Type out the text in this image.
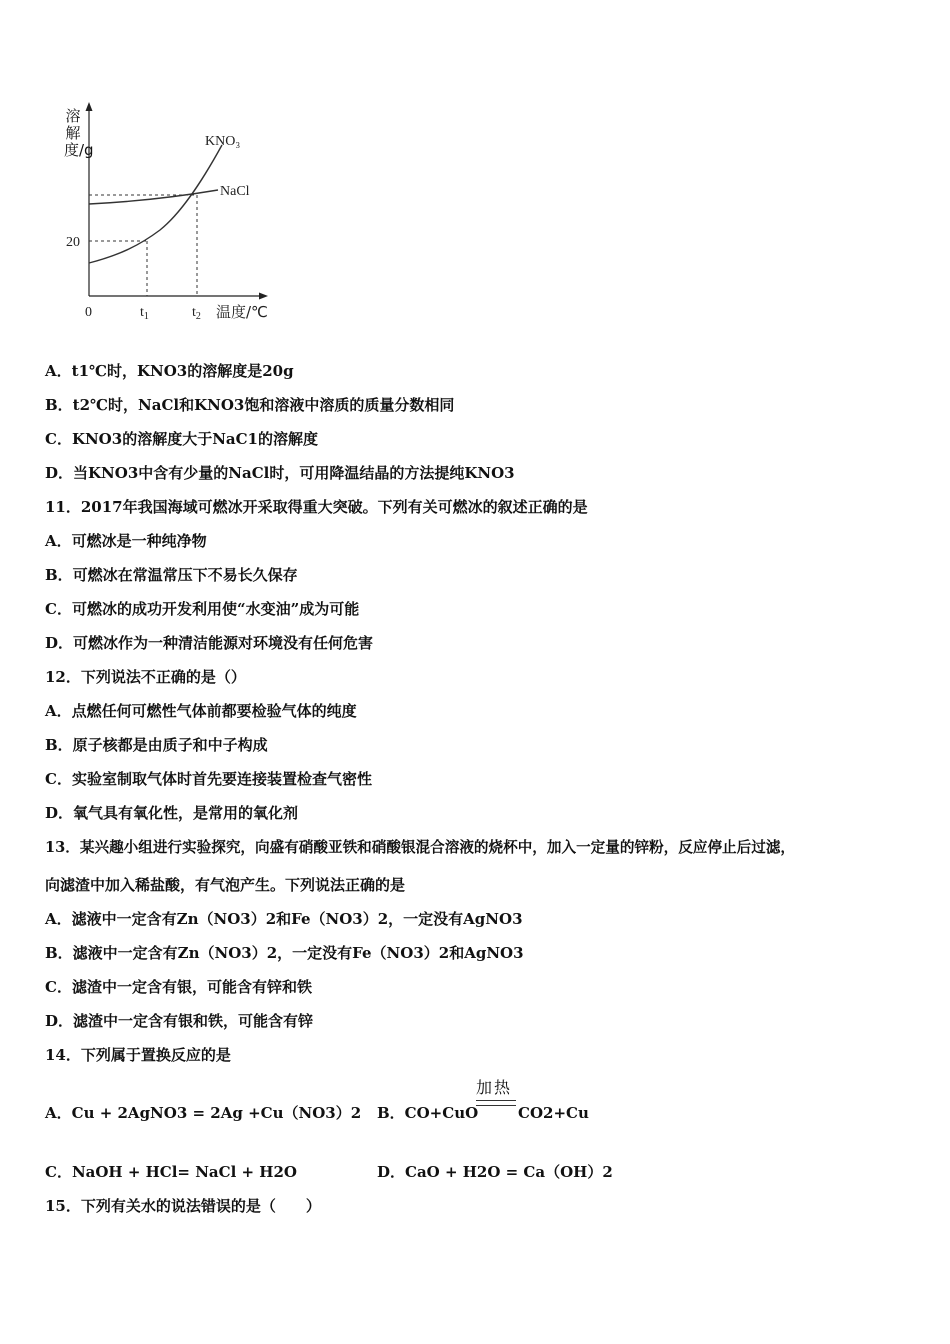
溶解度/g	KNO₃
NaCl
20
0	$t_1$	$t_2$ 温度/℃
A．t1℃时，KNO3的溶解度是20g
B．t2℃时，NaCl和KNO3饱和溶液中溶质的质量分数相同
C．KNO3的溶解度大于NaC1的溶解度
D．当KNO3中含有少量的NaCl时，可用降温结晶的方法提纯KNO3
11．2017年我国海域可燃冰开采取得重大突破。下列有关可燃冰的叙述正确的是
A．可燃冰是一种纯净物
B．可燃冰在常温常压下不易长久保存
C．可燃冰的成功开发利用使“水变油”成为可能
D．可燃冰作为一种清洁能源对环境没有任何危害
12．下列说法不正确的是（）
A．点燃任何可燃性气体前都要检验气体的纯度
B．原子核都是由质子和中子构成
C．实验室制取气体时首先要连接装置检查气密性
D．氧气具有氧化性，是常用的氧化剂
13．某兴趣小组进行实验探究，向盛有硝酸亚铁和硝酸银混合溶液的烧杯中，加入一定量的锌粉，反应停止后过滤，
向滤渣中加入稀盐酸，有气泡产生。下列说法正确的是
A．滤液中一定含有Zn（NO3）2和Fe（NO3）2，一定没有AgNO3
B．滤液中一定含有Zn（NO3）2，一定没有Fe（NO3）2和AgNO3
C．滤渣中一定含有银，可能含有锌和铁
D．滤渣中一定含有银和铁，可能含有锌
14．下列属于置换反应的是
A．Cu + 2AgNO3 = 2Ag +Cu（NO3）2 B．CO+CuO
加热
CO2+Cu
C．NaOH + HCl= NaCl + H2O	D．CaO + H2O = Ca（OH）2
15．下列有关水的说法错误的是（　　）
